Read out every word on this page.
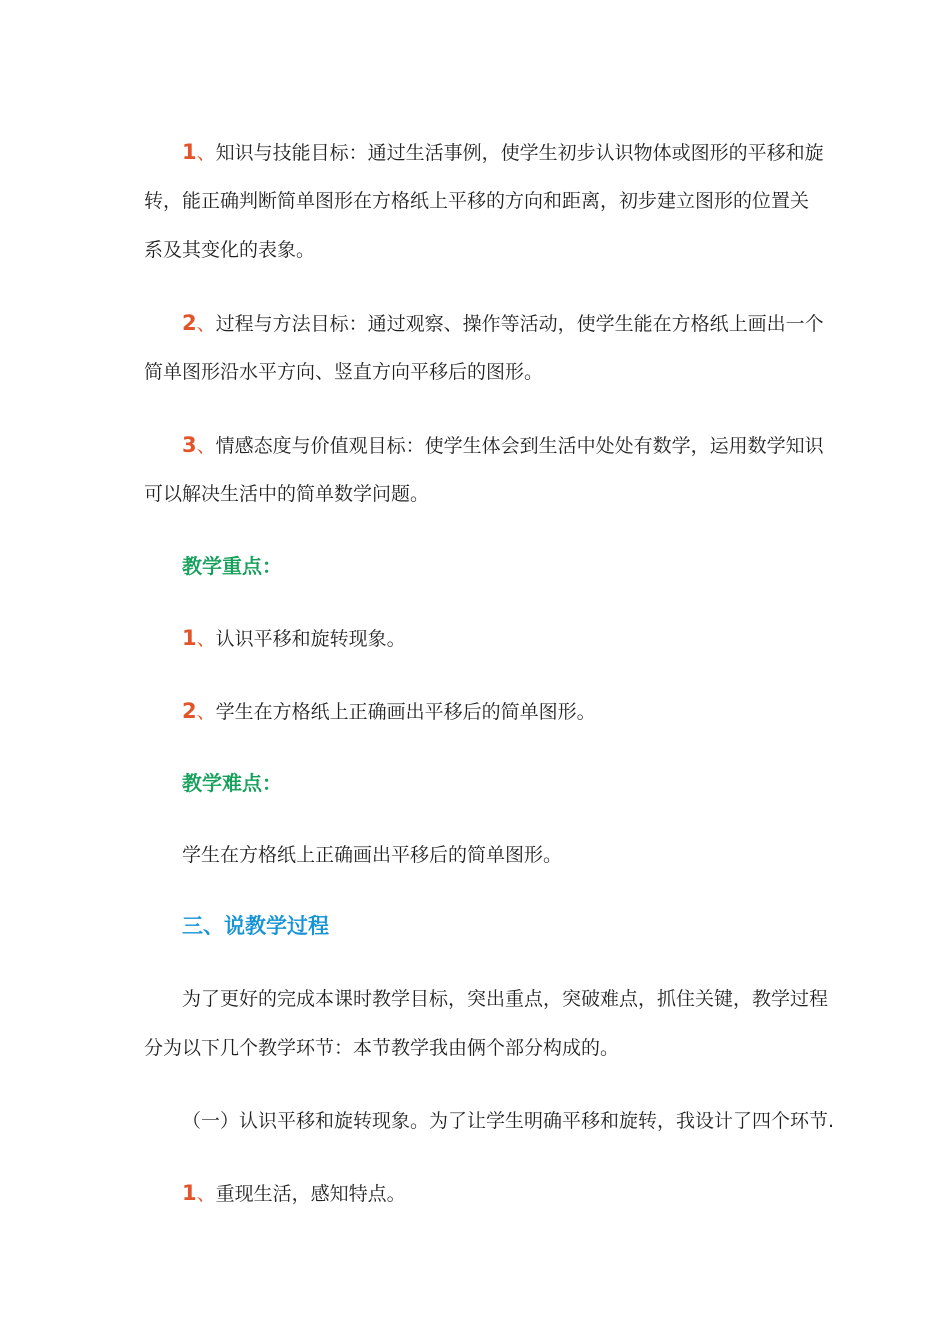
1、知识与技能目标：通过生活事例，使学生初步认识物体或图形的平移和旋
转，能正确判断简单图形在方格纸上平移的方向和距离，初步建立图形的位置关
系及其变化的表象。
2、过程与方法目标：通过观察、操作等活动，使学生能在方格纸上画出一个
简单图形沿水平方向、竖直方向平移后的图形。
3、情感态度与价值观目标：使学生体会到生活中处处有数学，运用数学知识
可以解决生活中的简单数学问题。
教学重点：
1、认识平移和旋转现象。
2、学生在方格纸上正确画出平移后的简单图形。
教学难点：
学生在方格纸上正确画出平移后的简单图形。
三、说教学过程
为了更好的完成本课时教学目标，突出重点，突破难点，抓住关键，教学过程
分为以下几个教学环节：本节教学我由俩个部分构成的。
（一）认识平移和旋转现象。为了让学生明确平移和旋转，我设计了四个环节.
1、重现生活，感知特点。
